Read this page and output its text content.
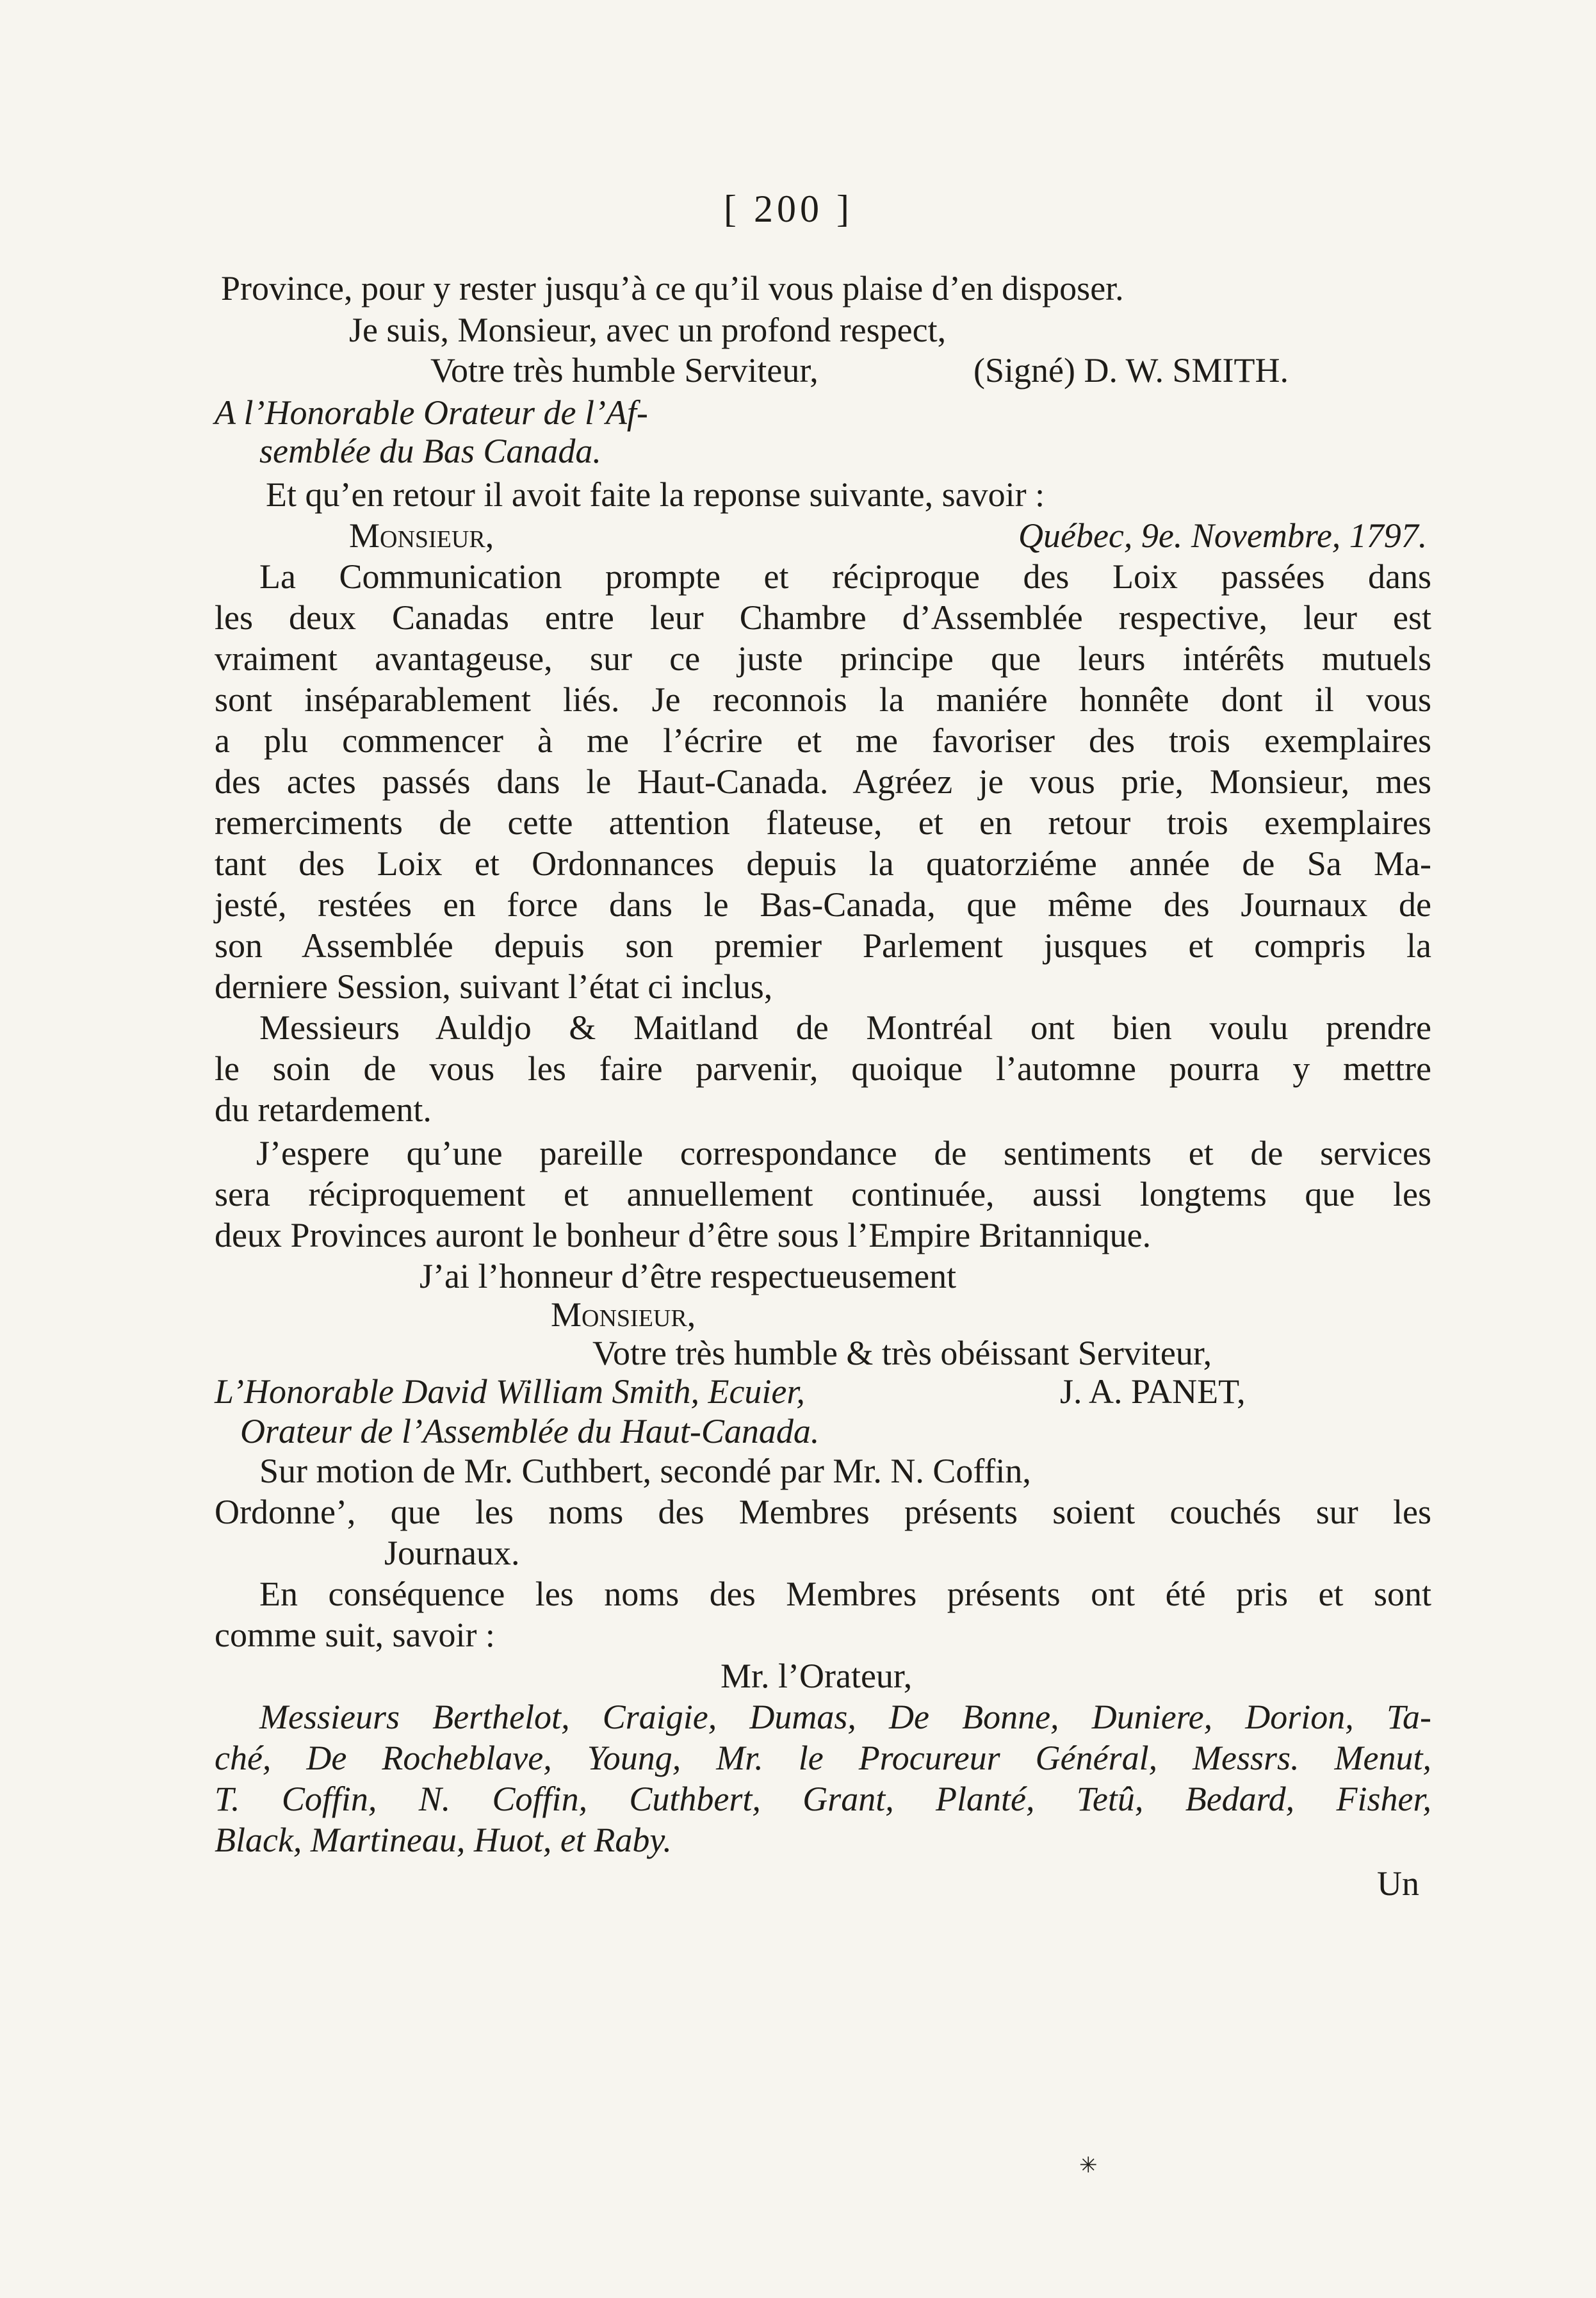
[ 200 ]
Province, pour y rester jusqu’à ce qu’il vous plaise d’en disposer.
Je suis, Monsieur, avec un profond respect,
Votre très humble Serviteur,	(Signé) D. W. SMITH.
A l’Honorable Orateur de l’Af-
semblée du Bas Canada.
Et qu’en retour il avoit faite la reponse suivante, savoir :
Monsieur,	Québec, 9e. Novembre, 1797.
La Communication prompte et réciproque des Loix passées dans
les deux Canadas entre leur Chambre d’Assemblée respective, leur est
vraiment avantageuse, sur ce juste principe que leurs intérêts mutuels
sont inséparablement liés. Je reconnois la maniére honnête dont il vous
a plu commencer à me l’écrire et me favoriser des trois exemplaires
des actes passés dans le Haut-Canada. Agréez je vous prie, Monsieur, mes
remerciments de cette attention flateuse, et en retour trois exemplaires
tant des Loix et Ordonnances depuis la quatorziéme année de Sa Ma-
jesté, restées en force dans le Bas-Canada, que même des Journaux de
son Assemblée depuis son premier Parlement jusques et compris la
derniere Session, suivant l’état ci inclus,
Messieurs Auldjo & Maitland de Montréal ont bien voulu prendre
le soin de vous les faire parvenir, quoique l’automne pourra y mettre
du retardement.
J’espere qu’une pareille correspondance de sentiments et de services
sera réciproquement et annuellement continuée, aussi longtems que les
deux Provinces auront le bonheur d’être sous l’Empire Britannique.
J’ai l’honneur d’être respectueusement
Monsieur,
Votre très humble & très obéissant Serviteur,
L’Honorable David William Smith, Ecuier,	J. A. PANET,
Orateur de l’Assemblée du Haut-Canada.
Sur motion de Mr. Cuthbert, secondé par Mr. N. Coffin,
Ordonne’, que les noms des Membres présents soient couchés sur les
Journaux.
En conséquence les noms des Membres présents ont été pris et sont
comme suit, savoir :
Mr. l’Orateur,
Messieurs Berthelot, Craigie, Dumas, De Bonne, Duniere, Dorion, Ta-
ché, De Rocheblave, Young, Mr. le Procureur Général, Messrs. Menut,
T. Coffin, N. Coffin, Cuthbert, Grant, Planté, Tetû, Bedard, Fisher,
Black, Martineau, Huot, et Raby.
Un
✳
